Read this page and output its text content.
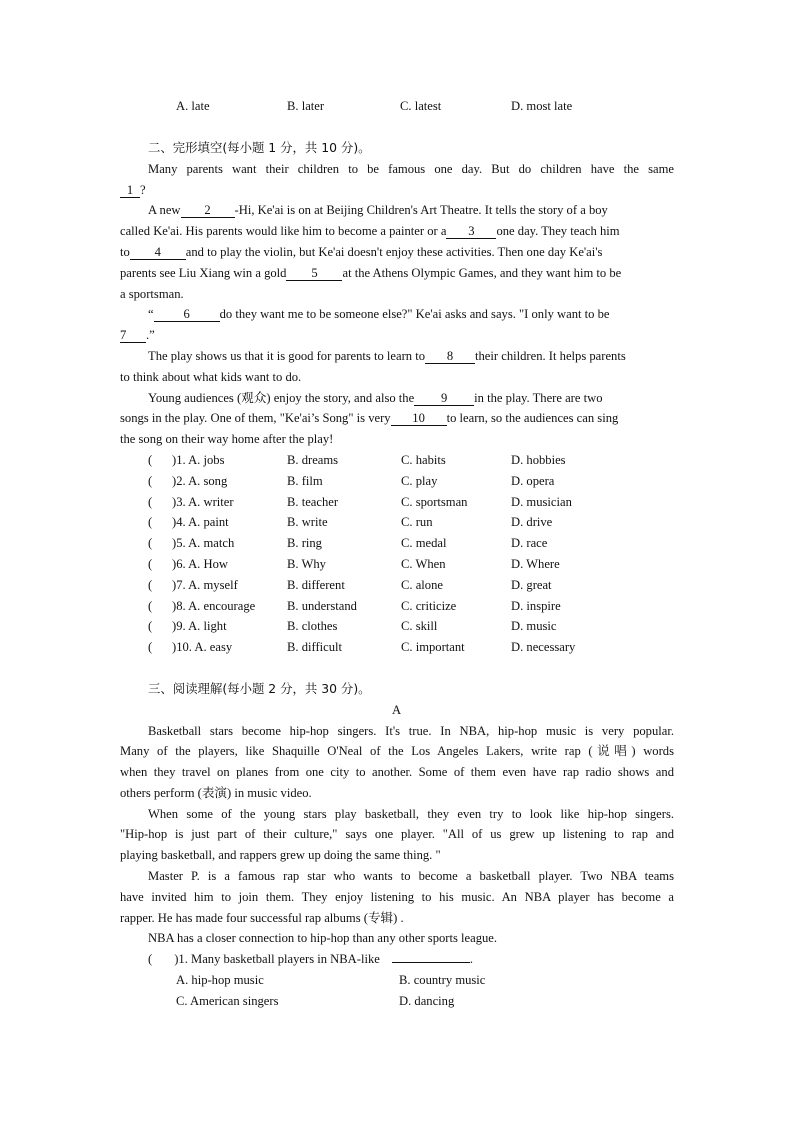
A. late	B. later	C. latest	D. most late
二、完形填空(每小题 1 分，共 10 分)。
Many parents want their children to be famous one day. But do children have the same
1 ?
A new 2 -Hi, Ke'ai is on at Beijing Children's Art Theatre. It tells the story of a boy
called Ke'ai. His parents would like him to become a painter or a 3 one day. They teach him
to 4 and to play the violin, but Ke'ai doesn't enjoy these activities. Then one day Ke'ai's
parents see Liu Xiang win a gold 5 at the Athens Olympic Games, and they want him to be
a sportsman.
“ 6 do they want me to be someone else?" Ke'ai asks and says. "I only want to be
7 .”
The play shows us that it is good for parents to learn to 8 their children. It helps parents
to think about what kids want to do.
Young audiences (观众) enjoy the story, and also the 9 in the play. There are two
songs in the play. One of them, "Ke'ai’s Song" is very 10 to learn, so the audiences can sing
the song on their way home after the play!
( )1. A. jobs	B. dreams	C. habits	D. hobbies
( )2. A. song	B. film	C. play	D. opera
( )3. A. writer	B. teacher	C. sportsman	D. musician
( )4. A. paint	B. write	C. run	D. drive
( )5. A. match	B. ring	C. medal	D. race
( )6. A. How	B. Why	C. When	D. Where
( )7. A. myself	B. different	C. alone	D. great
( )8. A. encourage	B. understand	C. criticize	D. inspire
( )9. A. light	B. clothes	C. skill	D. music
( )10. A. easy	B. difficult	C. important	D. necessary
三、阅读理解(每小题 2 分，共 30 分)。
A
Basketball stars become hip-hop singers. It's true. In NBA, hip-hop music is very popular.
Many of the players, like Shaquille O'Neal of the Los Angeles Lakers, write rap (说唱) words
when they travel on planes from one city to another. Some of them even have rap radio shows and
others perform (表演) in music video.
When some of the young stars play basketball, they even try to look like hip-hop singers.
"Hip-hop is just part of their culture," says one player. "All of us grew up listening to rap and
playing basketball, and rappers grew up doing the same thing. "
Master P. is a famous rap star who wants to become a basketball player. Two NBA teams
have invited him to join them. They enjoy listening to his music. An NBA player has become a
rapper. He has made four successful rap albums (专辑) .
NBA has a closer connection to hip-hop than any other sports league.
( )1. Many basketball players in NBA-like	.
A. hip-hop music	B. country music
C. American singers	D. dancing
